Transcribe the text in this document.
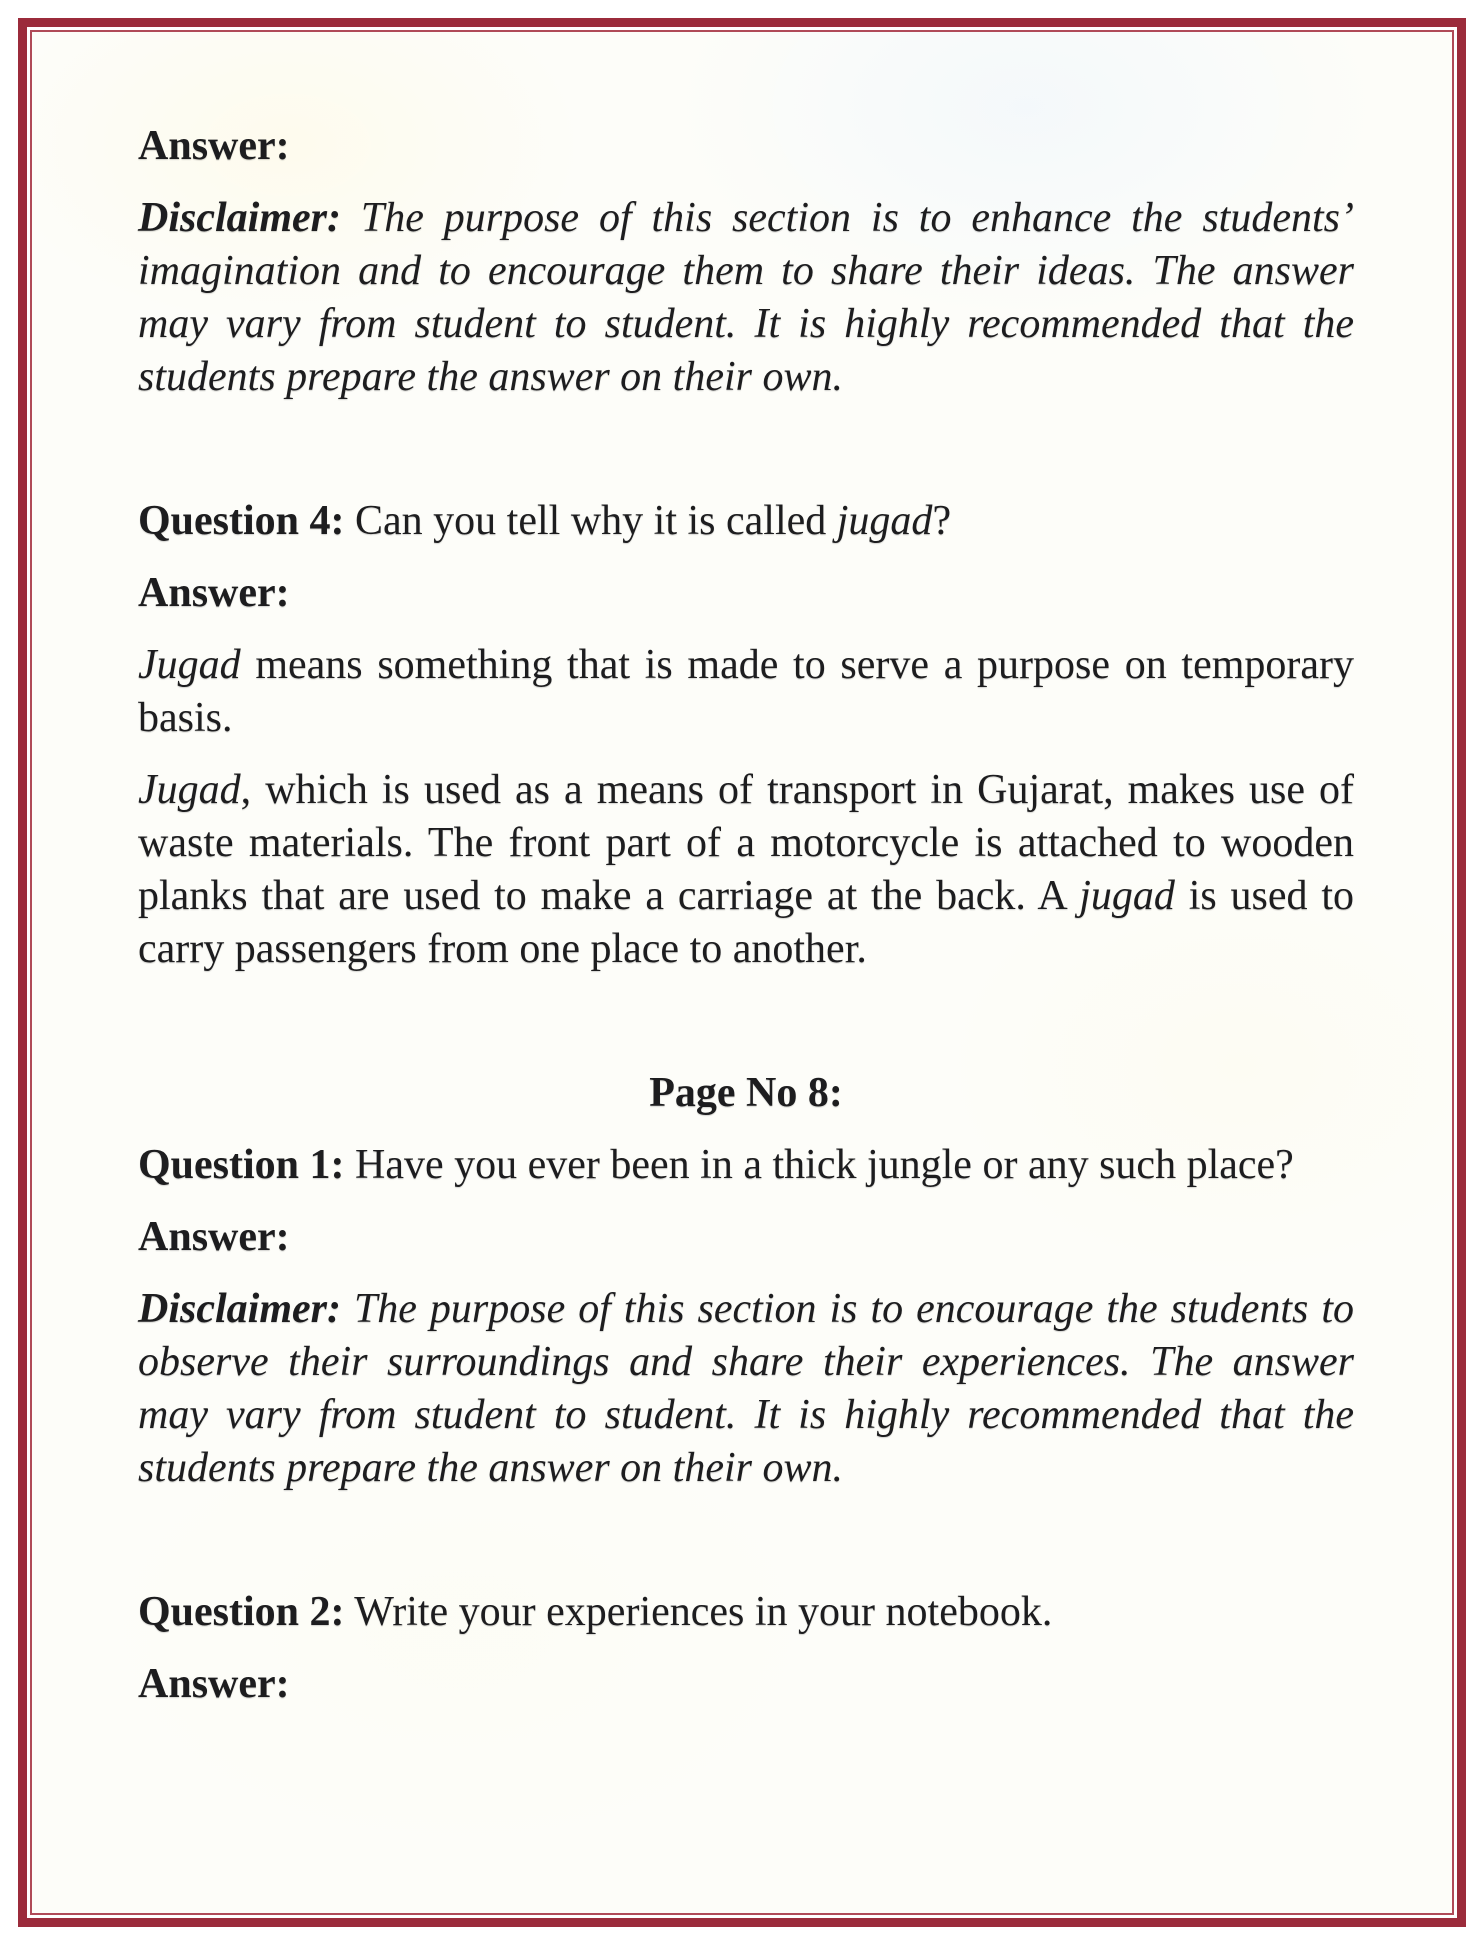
Answer:

Disclaimer: The purpose of this section is to enhance the students’ imagination and to encourage them to share their ideas. The answer may vary from student to student. It is highly recommended that the students prepare the answer on their own.

Question 4: Can you tell why it is called jugad?

Answer:

Jugad means something that is made to serve a purpose on temporary basis.

Jugad, which is used as a means of transport in Gujarat, makes use of waste materials. The front part of a motorcycle is attached to wooden planks that are used to make a carriage at the back. A jugad is used to carry passengers from one place to another.

Page No 8:

Question 1: Have you ever been in a thick jungle or any such place?

Answer:

Disclaimer: The purpose of this section is to encourage the students to observe their surroundings and share their experiences. The answer may vary from student to student. It is highly recommended that the students prepare the answer on their own.

Question 2: Write your experiences in your notebook.

Answer:
